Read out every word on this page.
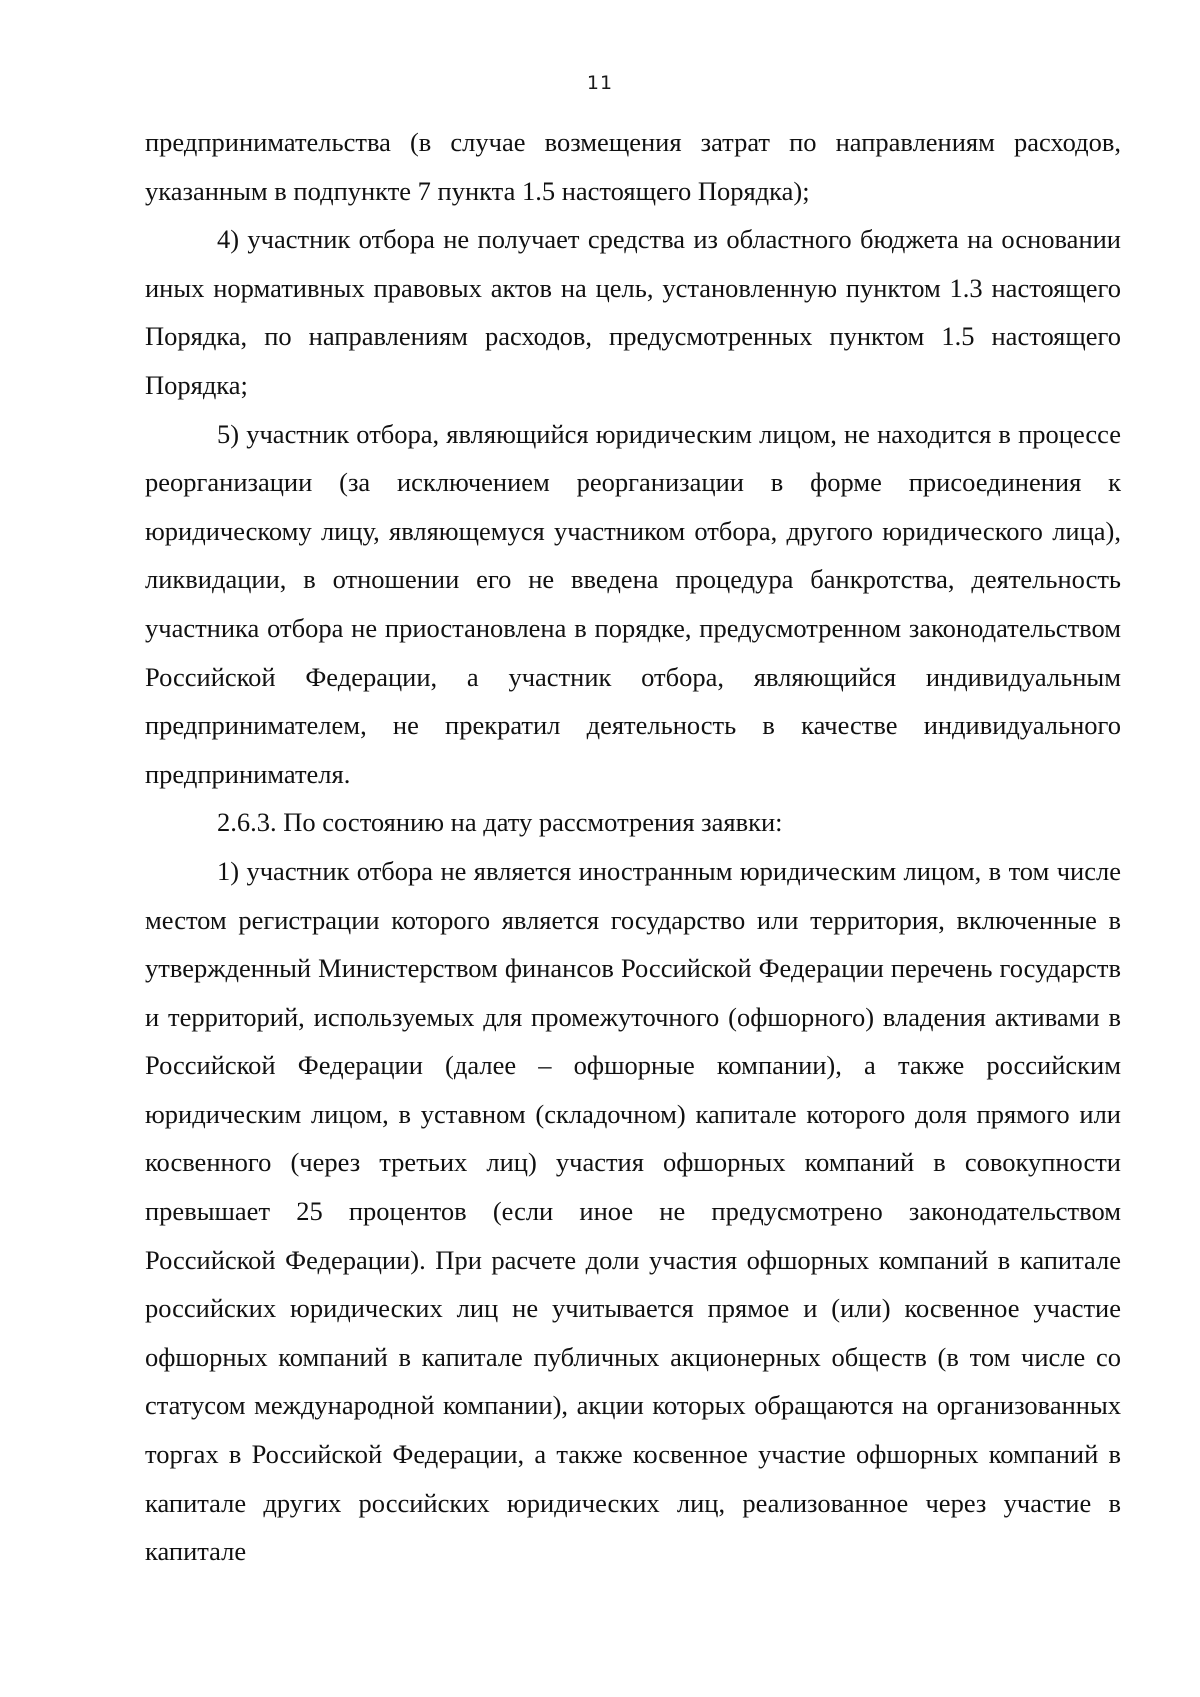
11

предпринимательства (в случае возмещения затрат по направлениям расходов, указанным в подпункте 7 пункта 1.5 настоящего Порядка);

4) участник отбора не получает средства из областного бюджета на основании иных нормативных правовых актов на цель, установленную пунктом 1.3 настоящего Порядка, по направлениям расходов, предусмотренных пунктом 1.5 настоящего Порядка;

5) участник отбора, являющийся юридическим лицом, не находится в процессе реорганизации (за исключением реорганизации в форме присоединения к юридическому лицу, являющемуся участником отбора, другого юридического лица), ликвидации, в отношении его не введена процедура банкротства, деятельность участника отбора не приостановлена в порядке, предусмотренном законодательством Российской Федерации, а участник отбора, являющийся индивидуальным предпринимателем, не прекратил деятельность в качестве индивидуального предпринимателя.

2.6.3. По состоянию на дату рассмотрения заявки:

1) участник отбора не является иностранным юридическим лицом, в том числе местом регистрации которого является государство или территория, включенные в утвержденный Министерством финансов Российской Федерации перечень государств и территорий, используемых для промежуточного (офшорного) владения активами в Российской Федерации (далее – офшорные компании), а также российским юридическим лицом, в уставном (складочном) капитале которого доля прямого или косвенного (через третьих лиц) участия офшорных компаний в совокупности превышает 25 процентов (если иное не предусмотрено законодательством Российской Федерации). При расчете доли участия офшорных компаний в капитале российских юридических лиц не учитывается прямое и (или) косвенное участие офшорных компаний в капитале публичных акционерных обществ (в том числе со статусом международной компании), акции которых обращаются на организованных торгах в Российской Федерации, а также косвенное участие офшорных компаний в капитале других российских юридических лиц, реализованное через участие в капитале
